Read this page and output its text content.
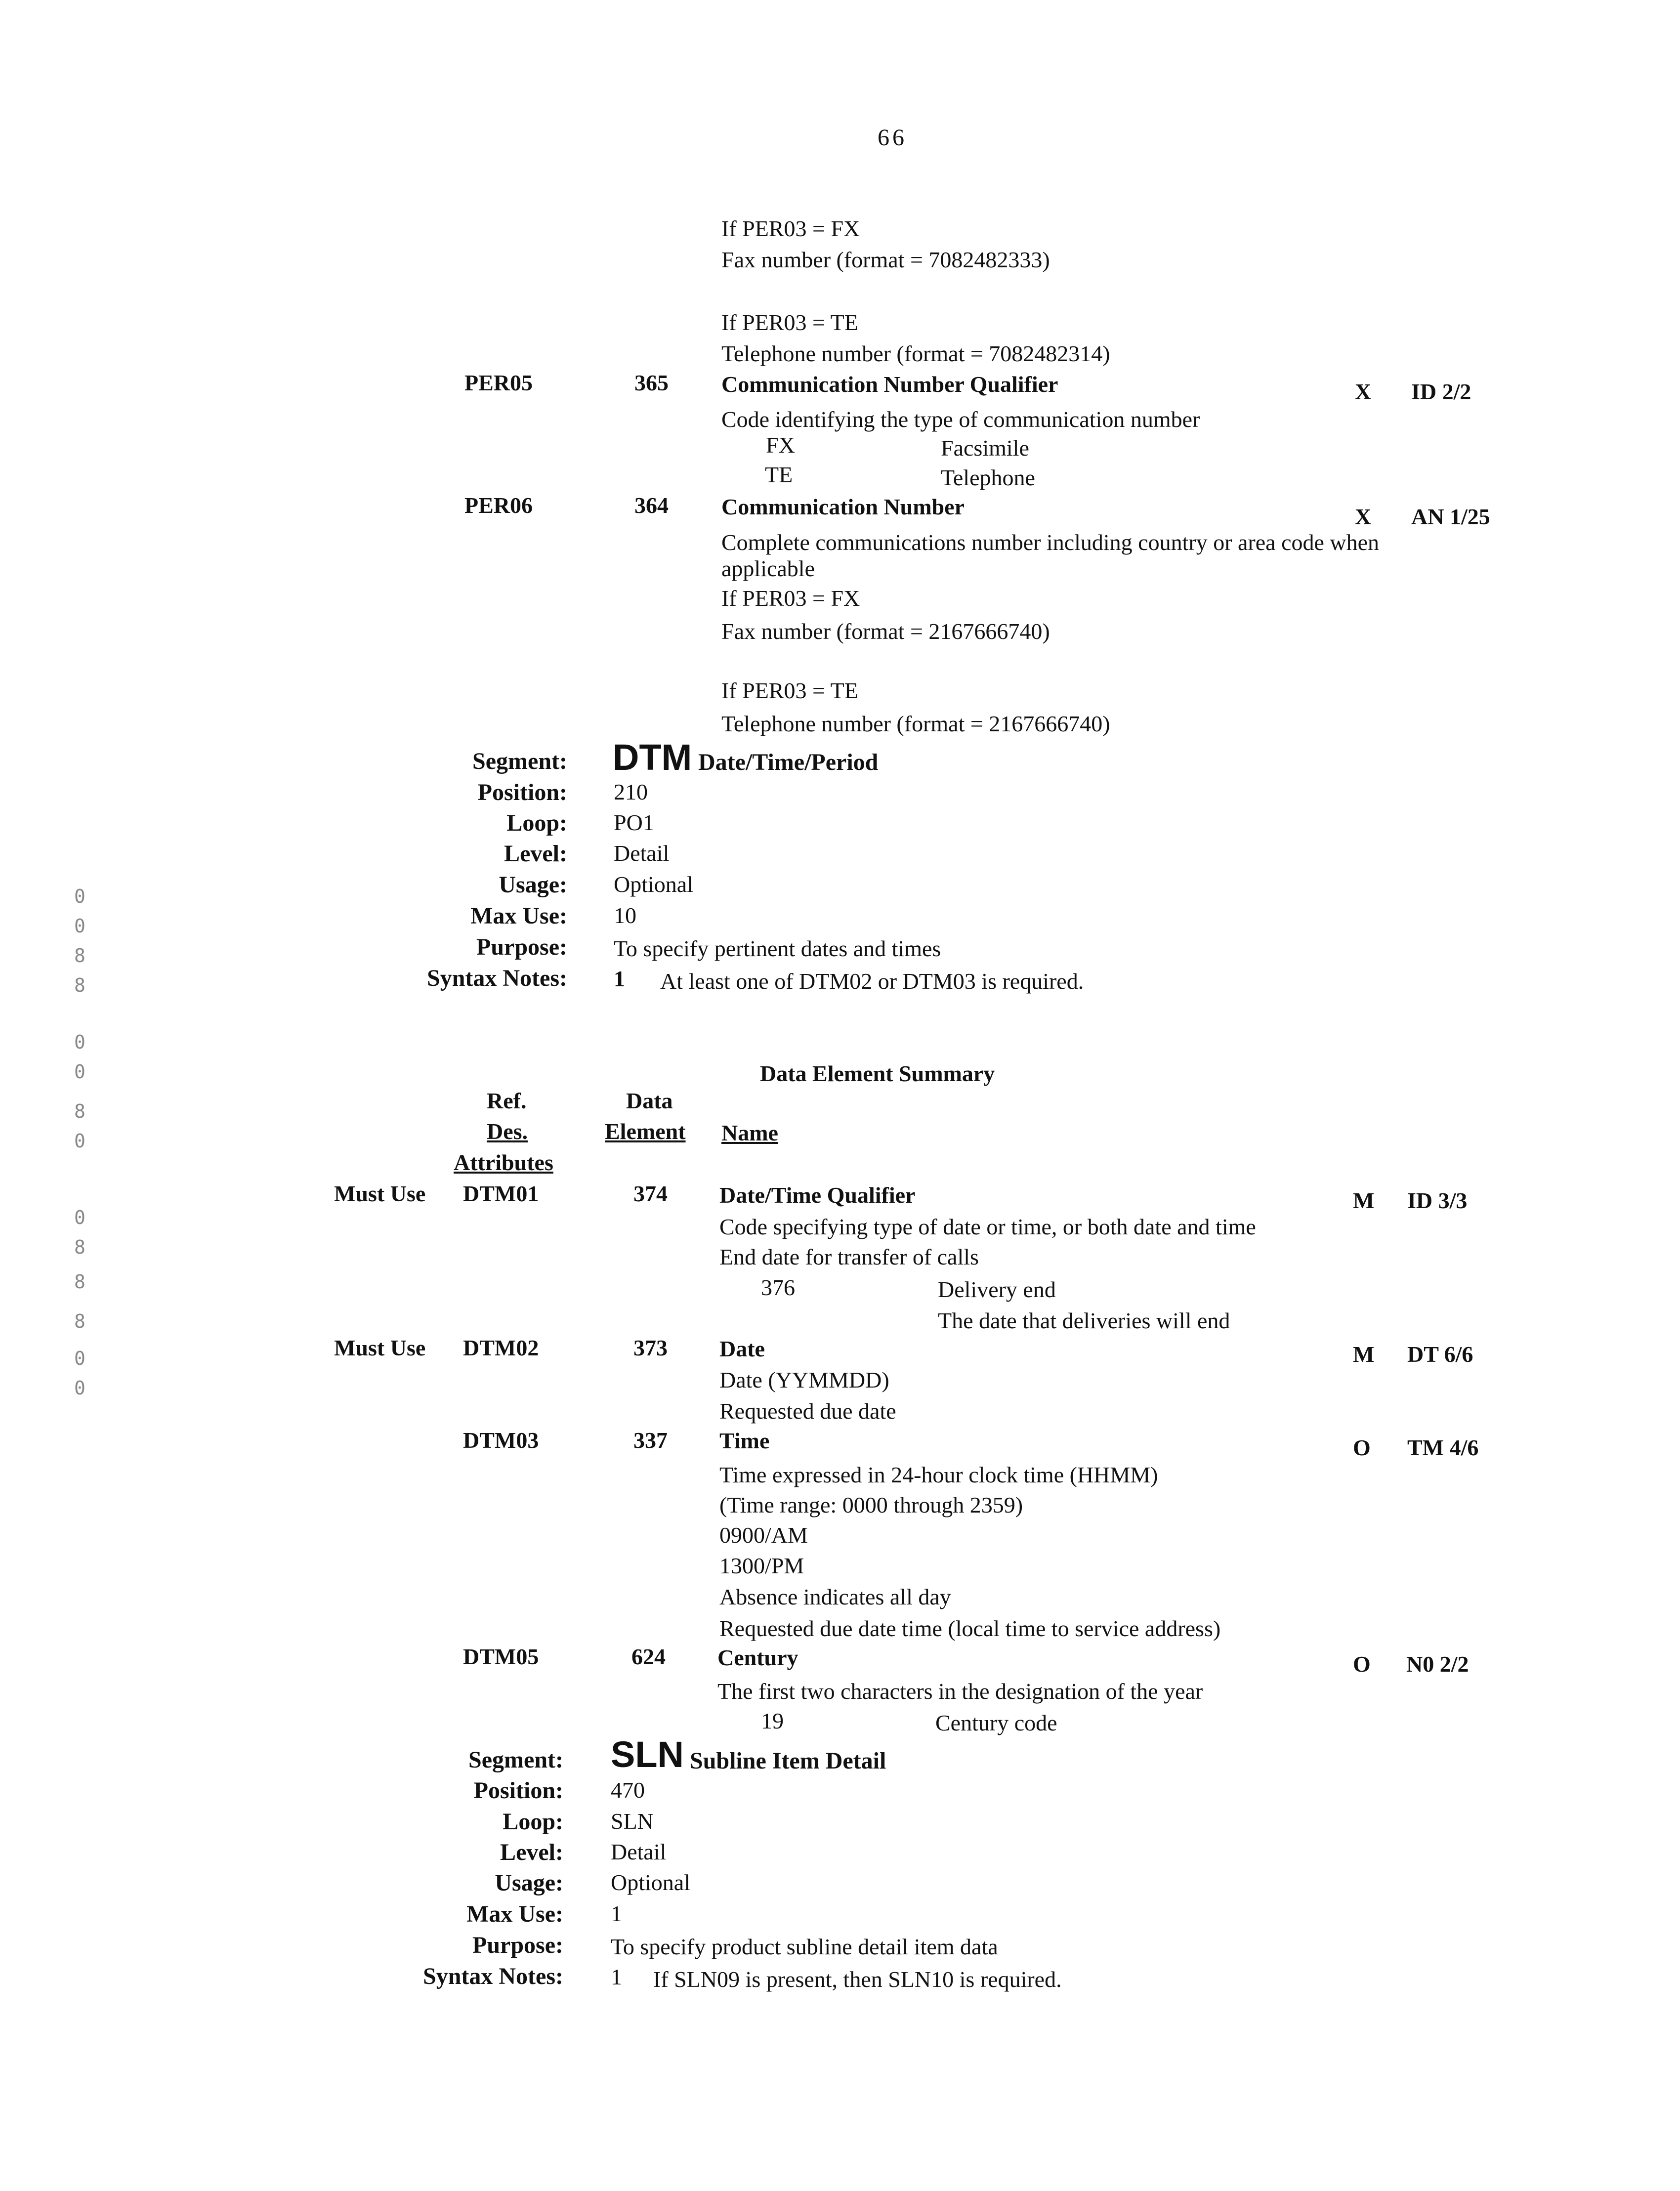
66
If PER03 = FX
Fax number (format = 7082482333)
If PER03 = TE
Telephone number (format = 7082482314)
PER05	365 Communication Number Qualifier	X ID 2/2
Code identifying the type of communication number
FX	Facsimile
TE	Telephone
PER06	364 Communication Number	X AN 1/25
Complete communications number including country or area code when
applicable
If PER03 = FX
Fax number (format = 2167666740)
If PER03 = TE
Telephone number (format = 2167666740)
Segment: DTM Date/Time/Period
Position: 210
Loop: PO1
Level: Detail
Usage: Optional
Max Use: 10
Purpose: To specify pertinent dates and times
Syntax Notes: 1 At least one of DTM02 or DTM03 is required.
Data Element Summary
Ref.
Des.
Attributes
Data
Element Name
Must Use DTM01	374 Date/Time Qualifier	M ID 3/3
Code specifying type of date or time, or both date and time
End date for transfer of calls
376	Delivery end
The date that deliveries will end
Must Use DTM02	373 Date	M DT 6/6
Date (YYMMDD)
Requested due date
DTM03	337 Time	O TM 4/6
Time expressed in 24-hour clock time (HHMM)
(Time range: 0000 through 2359)
0900/AM
1300/PM
Absence indicates all day
Requested due date time (local time to service address)
DTM05	624 Century	O N0 2/2
The first two characters in the designation of the year
19	Century code
Segment: SLN Subline Item Detail
Position: 470
Loop: SLN
Level: Detail
Usage: Optional
Max Use: 1
Purpose: To specify product subline detail item data
Syntax Notes: 1 If SLN09 is present, then SLN10 is required.
0
0
8
8
0
0
8
0
0
8
8
8
0
0
